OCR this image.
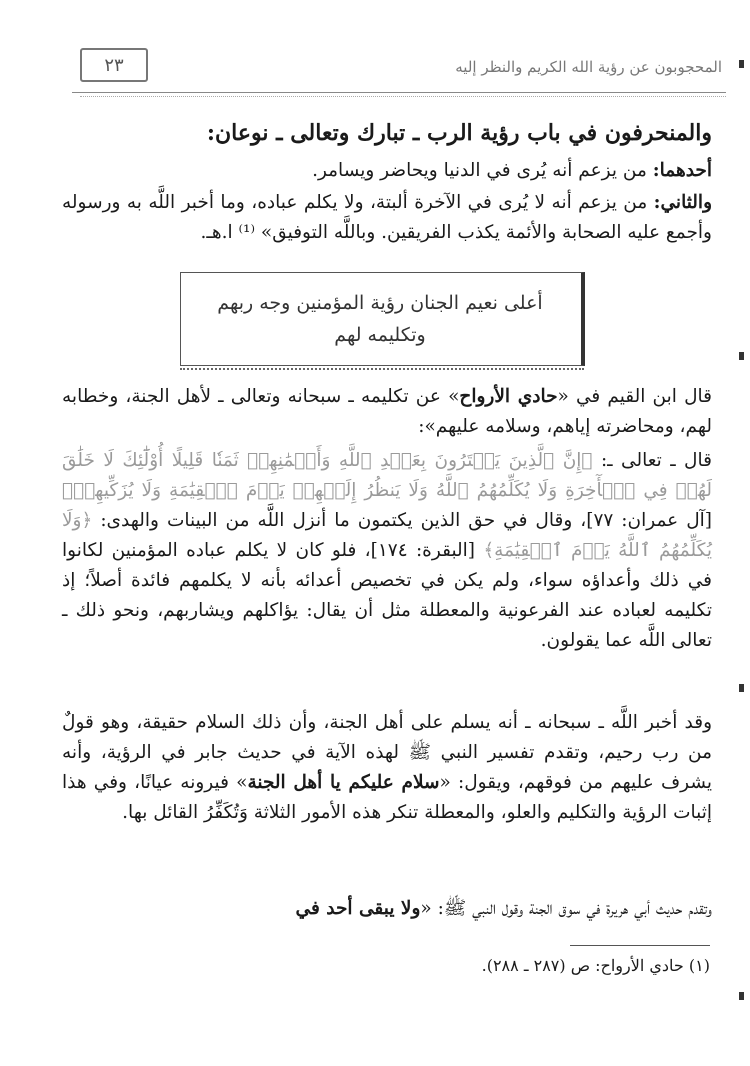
٢٣	المحجوبون عن رؤية الله الكريم والنظر إليه
والمنحرفون في باب رؤية الرب ـ تبارك وتعالى ـ نوعان:
أحدهما: من يزعم أنه يُرى في الدنيا ويحاضر ويسامر.
والثاني: من يزعم أنه لا يُرى في الآخرة ألبتة، ولا يكلم عباده، وما أخبر اللَّه به ورسوله وأجمع عليه الصحابة والأئمة يكذب الفريقين. وباللَّه التوفيق» ⁽¹⁾ ا.هـ.
أعلى نعيم الجنان رؤية المؤمنين وجه ربهم وتكليمه لهم
قال ابن القيم في «حادي الأرواح» عن تكليمه ـ سبحانه وتعالى ـ لأهل الجنة، وخطابه لهم، ومحاضرته إياهم، وسلامه عليهم»:
قال ـ تعالى ـ: ﴿إِنَّ ٱلَّذِينَ يَشۡتَرُونَ بِعَهۡدِ ٱللَّهِ وَأَيۡمَٰنِهِمۡ ثَمَنٗا قَلِيلًا أُوْلَٰٓئِكَ لَا خَلَٰقَ لَهُمۡ فِي ٱلۡأٓخِرَةِ وَلَا يُكَلِّمُهُمُ ٱللَّهُ وَلَا يَنظُرُ إِلَيۡهِمۡ يَوۡمَ ٱلۡقِيَٰمَةِ وَلَا يُزَكِّيهِمۡ﴾ [آل عمران: ٧٧]، وقال في حق الذين يكتمون ما أنزل اللَّه من البينات والهدى: ﴿وَلَا يُكَلِّمُهُمُ ٱللَّهُ يَوۡمَ ٱلۡقِيَٰمَةِ﴾ [البقرة: ١٧٤]، فلو كان لا يكلم عباده المؤمنين لكانوا في ذلك وأعداؤه سواء، ولم يكن في تخصيص أعدائه بأنه لا يكلمهم فائدة أصلاً؛ إذ تكليمه لعباده عند الفرعونية والمعطلة مثل أن يقال: يؤاكلهم ويشاربهم، ونحو ذلك ـ تعالى اللَّه عما يقولون.
وقد أخبر اللَّه ـ سبحانه ـ أنه يسلم على أهل الجنة، وأن ذلك السلام حقيقة، وهو قولٌ من رب رحيم، وتقدم تفسير النبي ﷺ لهذه الآية في حديث جابر في الرؤية، وأنه يشرف عليهم من فوقهم، ويقول: «سلام عليكم يا أهل الجنة» فيرونه عيانًا، وفي هذا إثبات الرؤية والتكليم والعلو، والمعطلة تنكر هذه الأمور الثلاثة وَتُكَفِّرُ القائل بها.
وتقدم حديث أبي هريرة في سوق الجنة وقول النبي ﷺ: «ولا يبقى أحد في
(١) حادي الأرواح: ص (٢٨٧ ـ ٢٨٨).
